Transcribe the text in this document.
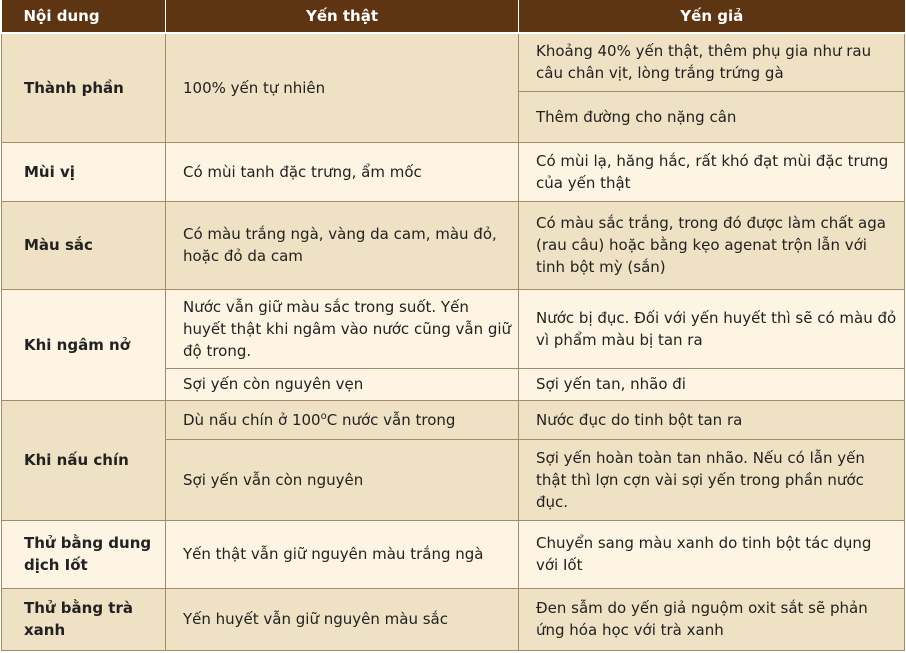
Nội dung	Yến thật	Yến giả
Thành phần	100% yến tự nhiên	Khoảng 40% yến thật, thêm phụ gia như rau câu chân vịt, lòng trắng trứng gà
		Thêm đường cho nặng cân
Mùi vị	Có mùi tanh đặc trưng, ẩm mốc	Có mùi lạ, hăng hắc, rất khó đạt mùi đặc trưng của yến thật
Màu sắc	Có màu trắng ngà, vàng da cam, màu đỏ, hoặc đỏ da cam	Có màu sắc trắng, trong đó được làm chất aga (rau câu) hoặc bằng kẹo agenat trộn lẫn với tinh bột mỳ (sắn)
Khi ngâm nở	Nước vẫn giữ màu sắc trong suốt. Yến huyết thật khi ngâm vào nước cũng vẫn giữ độ trong.	Nước bị đục. Đối với yến huyết thì sẽ có màu đỏ vì phẩm màu bị tan ra
	Sợi yến còn nguyên vẹn	Sợi yến tan, nhão đi
Khi nấu chín	Dù nấu chín ở 100$^o$C nước vẫn trong	Nước đục do tinh bột tan ra
	Sợi yến vẫn còn nguyên	Sợi yến hoàn toàn tan nhão. Nếu có lẫn yến thật thì lợn cợn vài sợi yến trong phần nước đục.
Thử bằng dung dịch Iốt	Yến thật vẫn giữ nguyên màu trắng ngà	Chuyển sang màu xanh do tinh bột tác dụng với Iốt
Thử bằng trà xanh	Yến huyết vẫn giữ nguyên màu sắc	Đen sẫm do yến giả nguộm oxit sắt sẽ phản ứng hóa học với trà xanh
